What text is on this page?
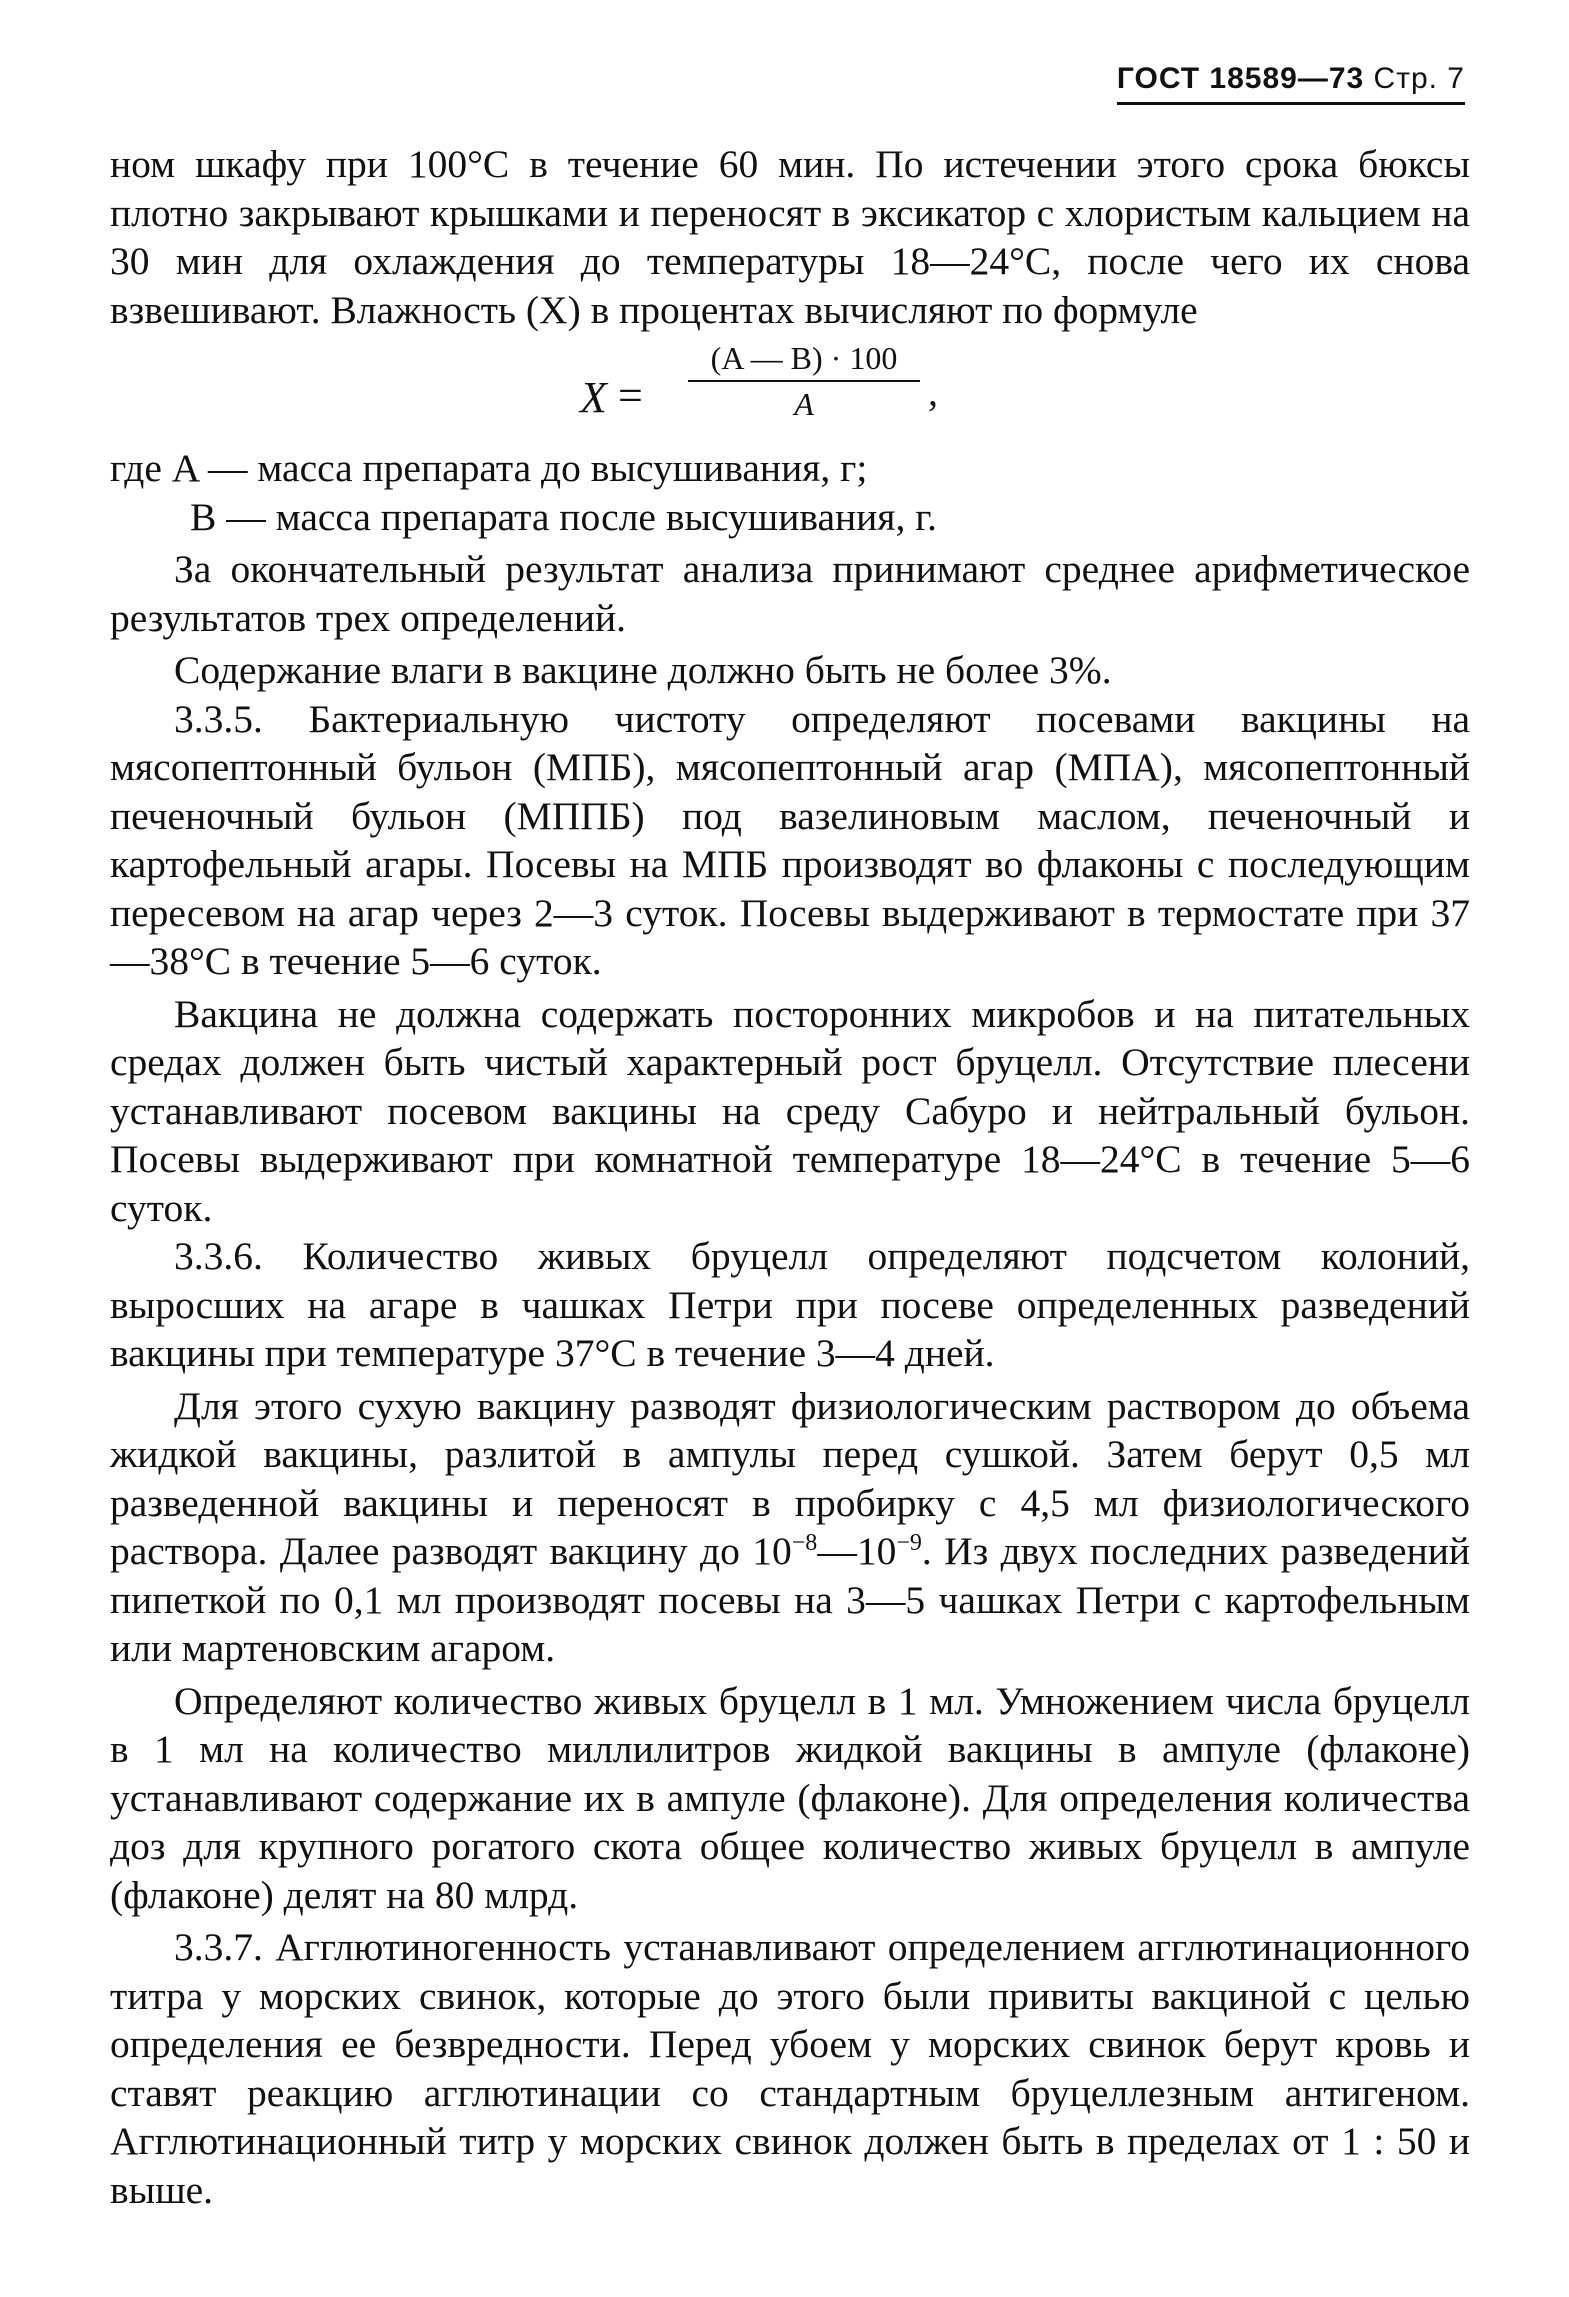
ГОСТ 18589—73 Стр. 7

ном шкафу при 100°С в течение 60 мин. По истечении этого срока бюксы плотно закрывают крышками и переносят в эксикатор с хлористым кальцием на 30 мин для охлаждения до температуры 18—24°С, после чего их снова взвешивают. Влажность (X) в процентах вычисляют по формуле

$X = \frac{(A — B) \cdot 100}{A}$ ,

где A — масса препарата до высушивания, г;

B — масса препарата после высушивания, г.

За окончательный результат анализа принимают среднее арифметическое результатов трех определений.

Содержание влаги в вакцине должно быть не более 3%.

3.3.5. Бактериальную чистоту определяют посевами вакцины на мясопептонный бульон (МПБ), мясопептонный агар (МПА), мясопептонный печеночный бульон (МППБ) под вазелиновым маслом, печеночный и картофельный агары. Посевы на МПБ производят во флаконы с последующим пересевом на агар через 2—3 суток. Посевы выдерживают в термостате при 37—38°С в течение 5—6 суток.

Вакцина не должна содержать посторонних микробов и на питательных средах должен быть чистый характерный рост бруцелл. Отсутствие плесени устанавливают посевом вакцины на среду Сабуро и нейтральный бульон. Посевы выдерживают при комнатной температуре 18—24°С в течение 5—6 суток.

3.3.6. Количество живых бруцелл определяют подсчетом колоний, выросших на агаре в чашках Петри при посеве определенных разведений вакцины при температуре 37°С в течение 3—4 дней.

Для этого сухую вакцину разводят физиологическим раствором до объема жидкой вакцины, разлитой в ампулы перед сушкой. Затем берут 0,5 мл разведенной вакцины и переносят в пробирку с 4,5 мл физиологического раствора. Далее разводят вакцину до $10^{-8}—10^{-9}$. Из двух последних разведений пипеткой по 0,1 мл производят посевы на 3—5 чашках Петри с картофельным или мартеновским агаром.

Определяют количество живых бруцелл в 1 мл. Умножением числа бруцелл в 1 мл на количество миллилитров жидкой вакцины в ампуле (флаконе) устанавливают содержание их в ампуле (флаконе). Для определения количества доз для крупного рогатого скота общее количество живых бруцелл в ампуле (флаконе) делят на 80 млрд.

3.3.7. Агглютиногенность устанавливают определением агглютинационного титра у морских свинок, которые до этого были привиты вакциной с целью определения ее безвредности. Перед убоем у морских свинок берут кровь и ставят реакцию агглютинации со стандартным бруцеллезным антигеном. Агглютинационный титр у морских свинок должен быть в пределах от 1 : 50 и выше.
